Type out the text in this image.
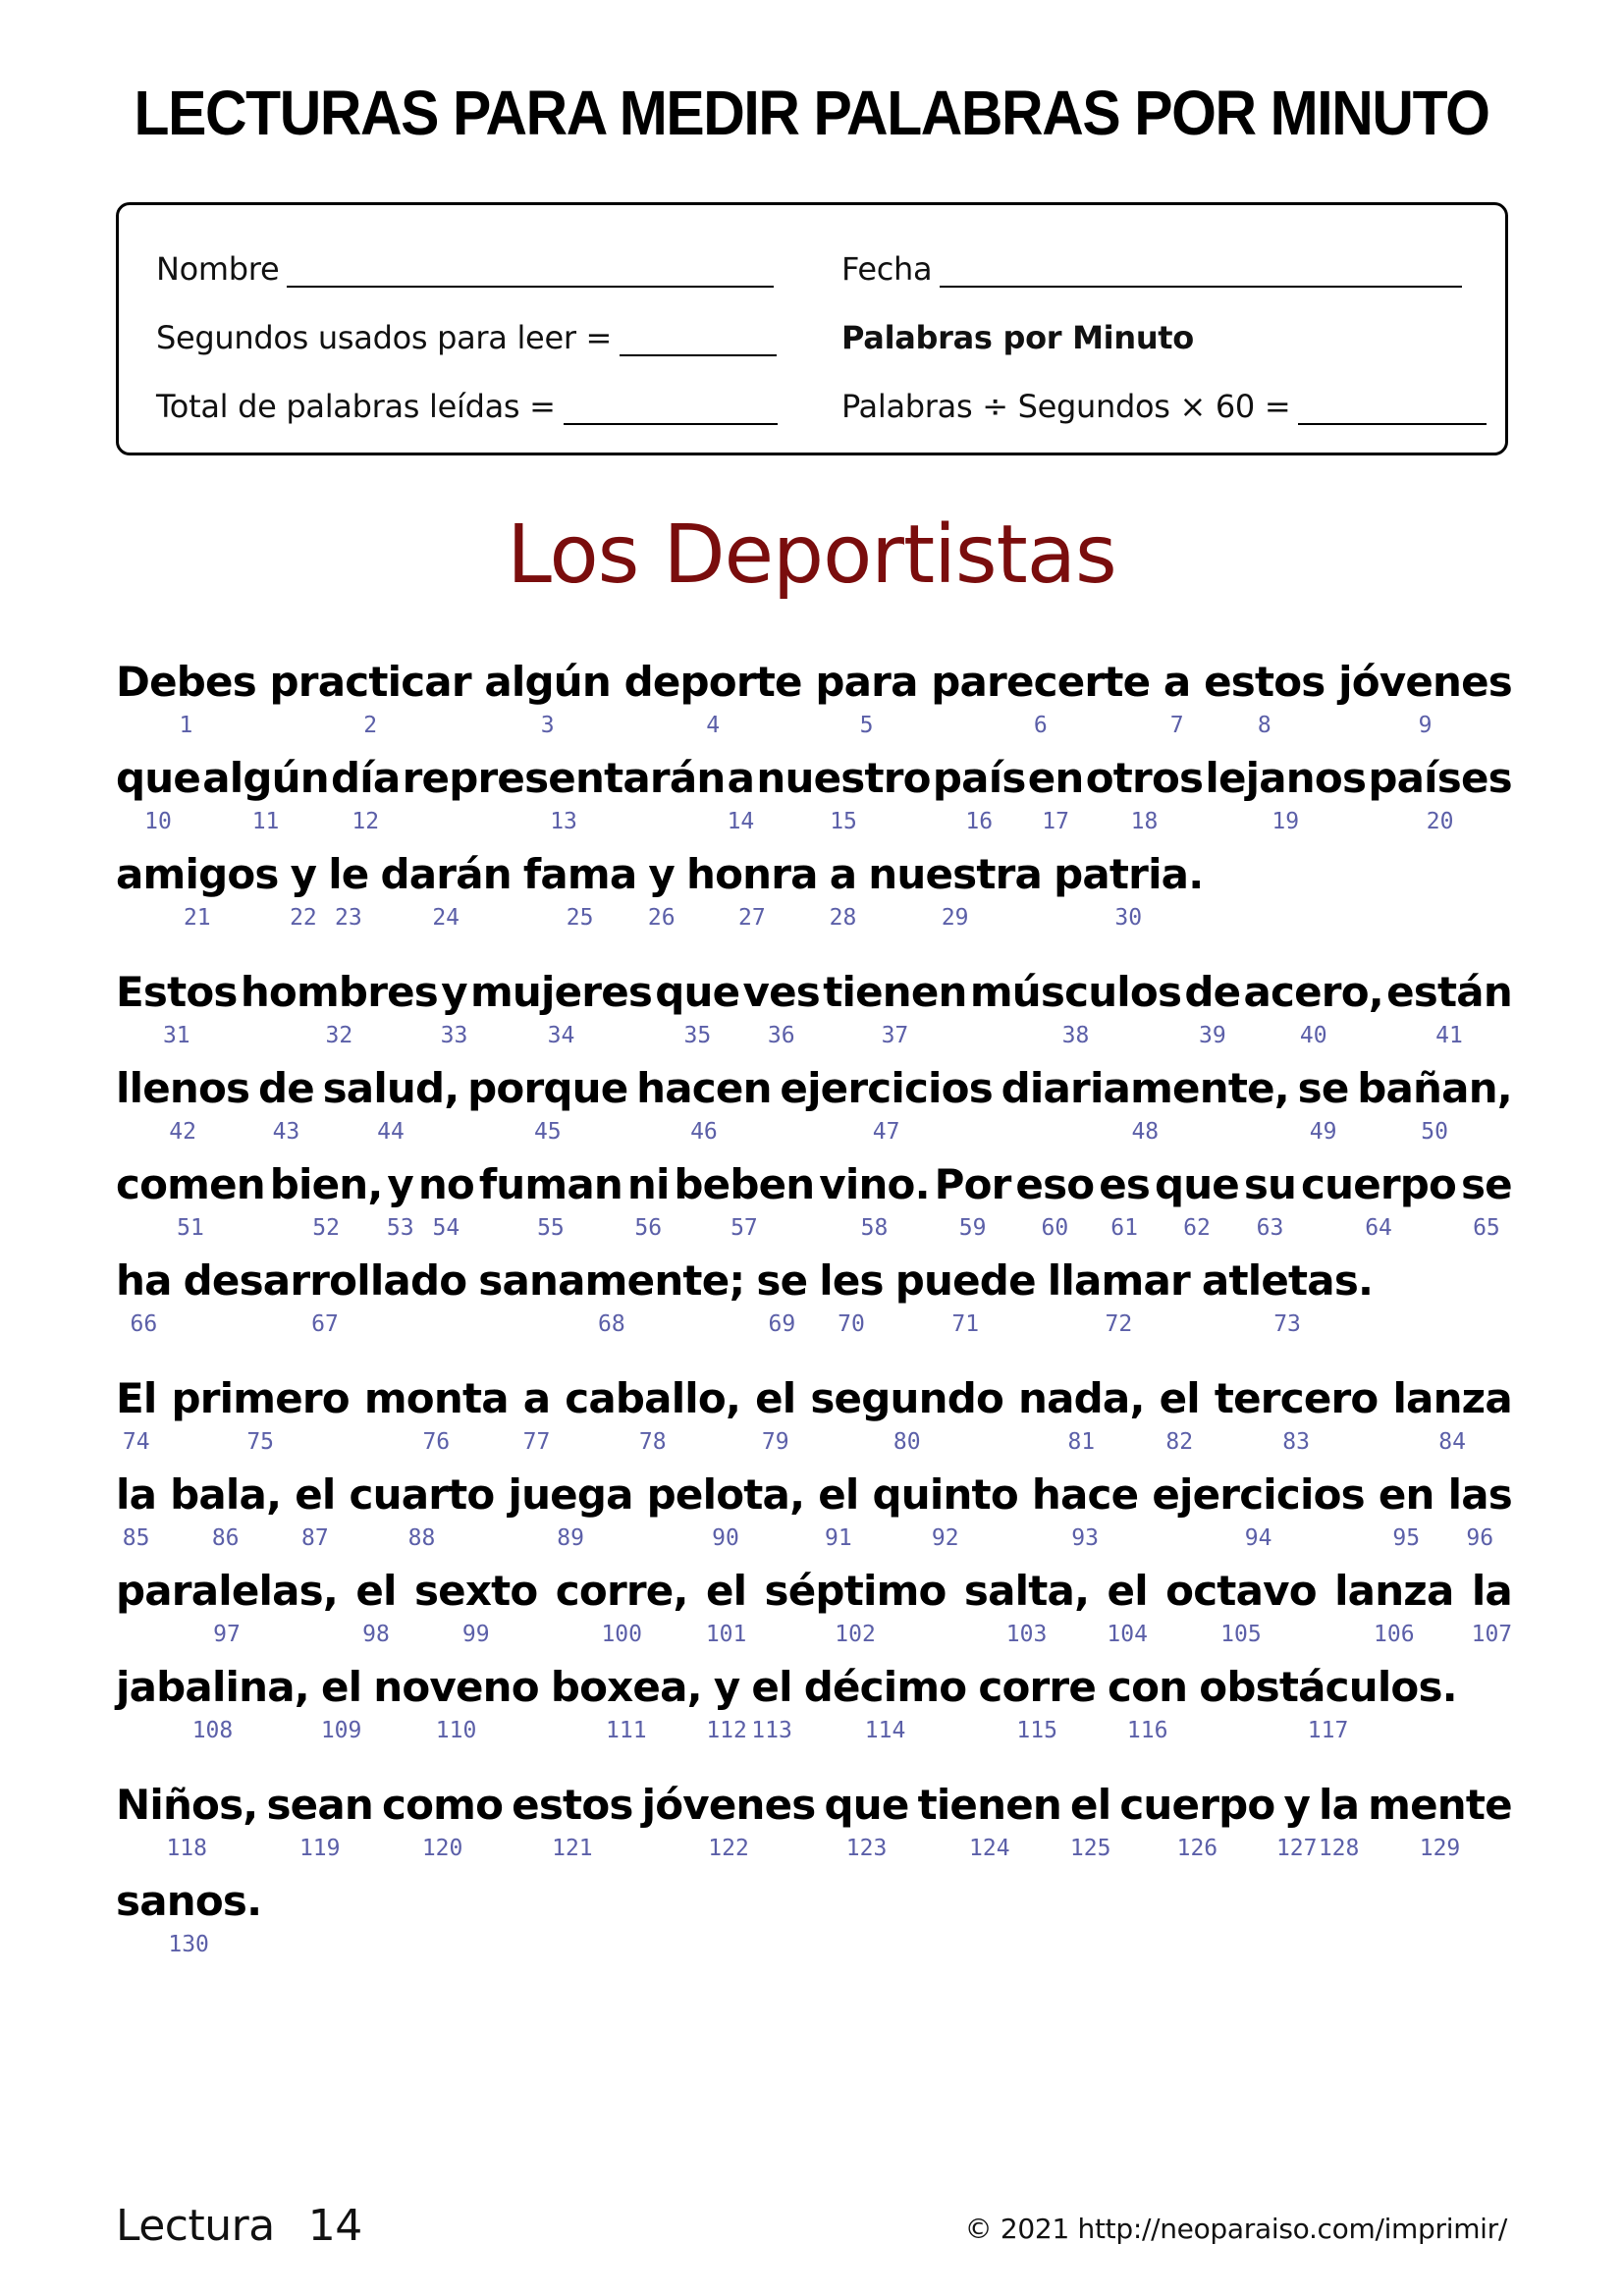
LECTURAS PARA MEDIR PALABRAS POR MINUTO
Nombre	Fecha
Segundos usados para leer =	Palabras por Minuto
Total de palabras leídas =	Palabras ÷ Segundos × 60 =
Los Deportistas
Debes practicar algún deporte para parecerte a estos jóvenes
1	2	3	4	5	6	7	8	9
que algún día representarán a nuestro país en otros lejanos países
10	11	12	13	14	15	16 17	18	19	20
amigos y le darán fama y honra a nuestra patria.
21	22 23	24	25 26	27	28	29	30
Estos hombres y mujeres que ves tienen músculos de acero, están
31	32	33	34	35	36	37	38	39	40	41
llenos de salud, porque hacen ejercicios diariamente, se bañan,
42	43	44	45	46	47	48	49	50
comen bien, y no fuman ni beben vino. Por eso es que su cuerpo se
51	52 53 54	55	56	57	58	59 60 61 62 63	64	65
ha desarrollado sanamente; se les puede llamar atletas.
66	67	68	69 70	71	72	73
El primero monta a caballo, el segundo nada, el tercero lanza
74	75	76	77	78	79	80	81	82	83	84
la bala, el cuarto juega pelota, el quinto hace ejercicios en las
85	86	87	88	89	90	91	92	93	94	95 96
paralelas, el sexto corre, el séptimo salta, el octavo lanza la
97	98	99	100	101	102	103	104	105	106	107
jabalina, el noveno boxea, y el décimo corre con obstáculos.
108	109	110	111	112 113	114	115	116	117
Niños, sean como estos jóvenes que tienen el cuerpo y la mente
118	119	120	121	122	123	124	125	126	127 128	129
sanos.
130
Lectura 14	© 2021 http://neoparaiso.com/imprimir/
